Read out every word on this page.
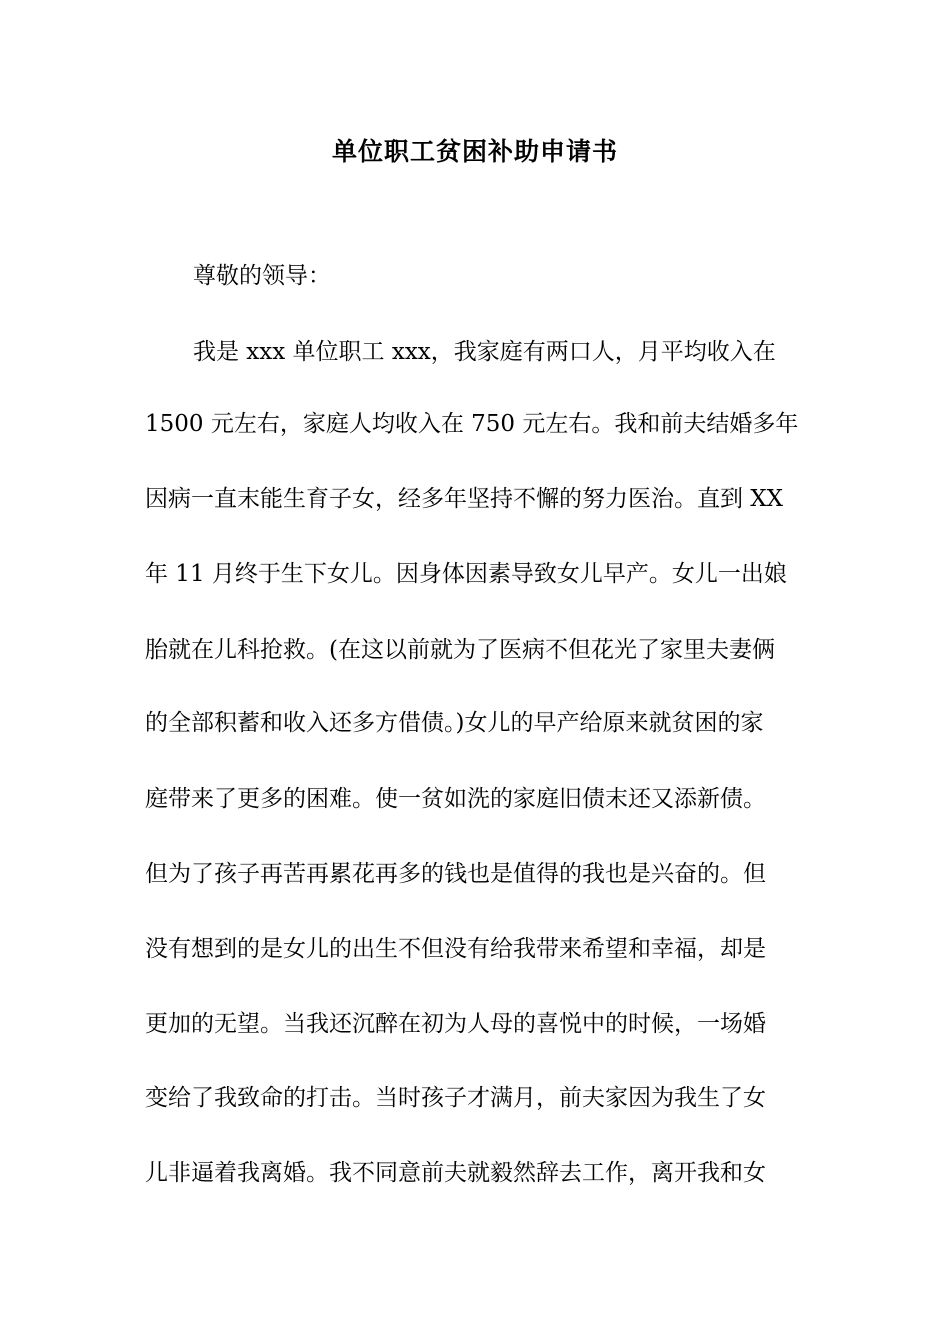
单位职工贫困补助申请书
尊敬的领导：
我是 xxx 单位职工 xxx，我家庭有两口人，月平均收入在
1500 元左右，家庭人均收入在 750 元左右。我和前夫结婚多年
因病一直末能生育子女，经多年坚持不懈的努力医治。直到 XX
年 11 月终于生下女儿。因身体因素导致女儿早产。女儿一出娘
胎就在儿科抢救。(在这以前就为了医病不但花光了家里夫妻俩
的全部积蓄和收入还多方借债。)女儿的早产给原来就贫困的家
庭带来了更多的困难。使一贫如洗的家庭旧债末还又添新债。
但为了孩子再苦再累花再多的钱也是值得的我也是兴奋的。但
没有想到的是女儿的出生不但没有给我带来希望和幸福，却是
更加的无望。当我还沉醉在初为人母的喜悦中的时候，一场婚
变给了我致命的打击。当时孩子才满月，前夫家因为我生了女
儿非逼着我离婚。我不同意前夫就毅然辞去工作，离开我和女
